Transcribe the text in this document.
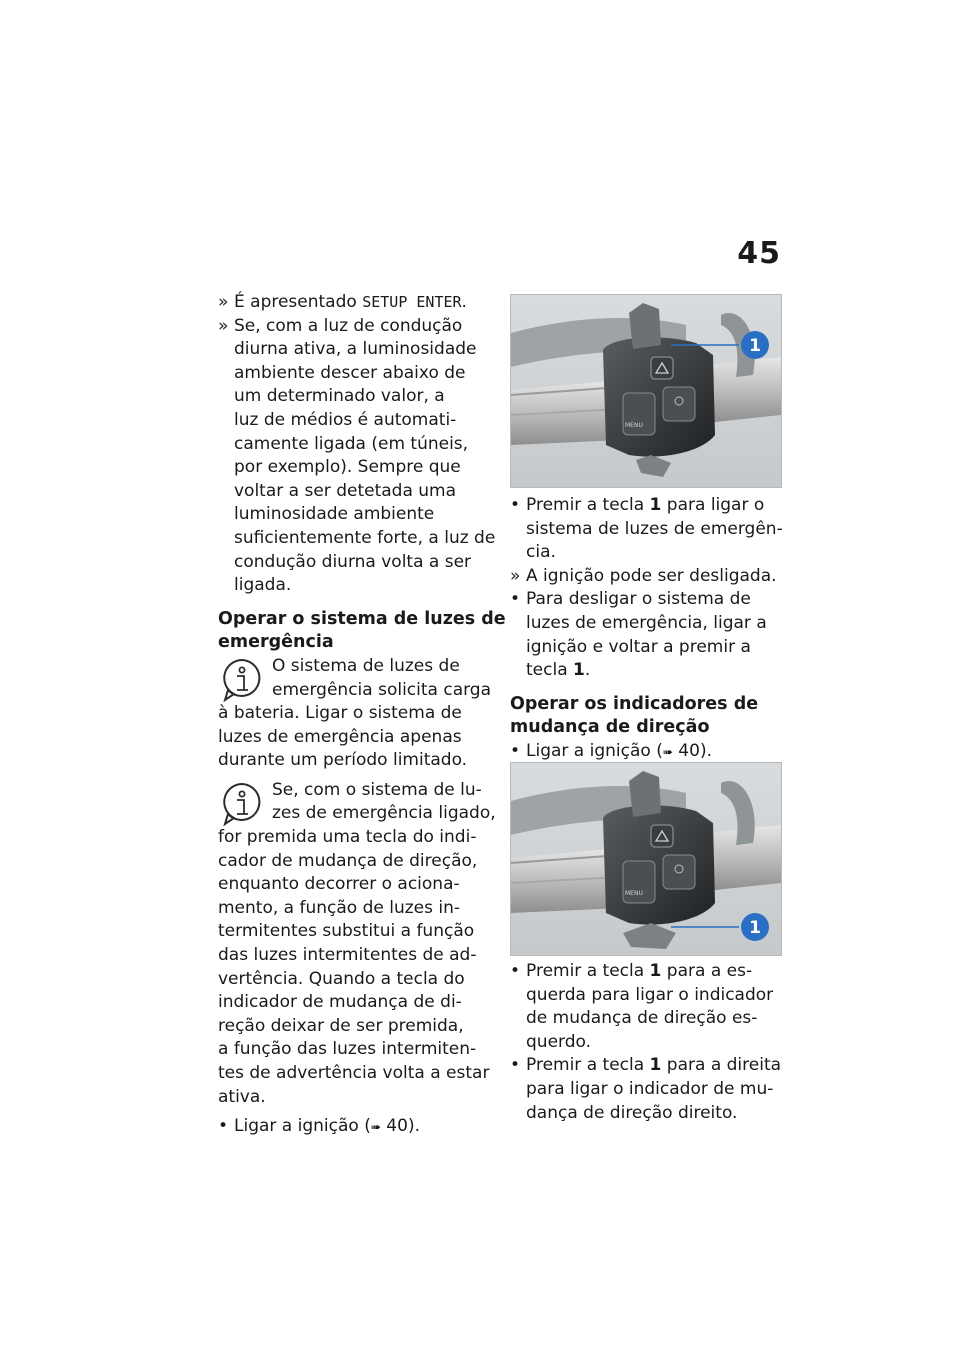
45
» É apresentado SETUP ENTER.
» Se, com a luz de condução
diurna ativa, a luminosidade
ambiente descer abaixo de
um determinado valor, a
luz de médios é automati-
camente ligada (em túneis,
por exemplo). Sempre que
voltar a ser detetada uma
luminosidade ambiente
suficientemente forte, a luz de
condução diurna volta a ser
ligada.
Operar o sistema de luzes de
emergência
O sistema de luzes de
emergência solicita carga
à bateria. Ligar o sistema de
luzes de emergência apenas
durante um período limitado.
Se, com o sistema de lu-
zes de emergência ligado,
for premida uma tecla do indi-
cador de mudança de direção,
enquanto decorrer o aciona-
mento, a função de luzes in-
termitentes substitui a função
das luzes intermitentes de ad-
vertência. Quando a tecla do
indicador de mudança de di-
reção deixar de ser premida,
a função das luzes intermiten-
tes de advertência volta a estar
ativa.
• Ligar a ignição (➠ 40).
MENU
1
• Premir a tecla 1 para ligar o
sistema de luzes de emergên-
cia.
» A ignição pode ser desligada.
• Para desligar o sistema de
luzes de emergência, ligar a
ignição e voltar a premir a
tecla 1.
Operar os indicadores de
mudança de direção
• Ligar a ignição (➠ 40).
MENU
1
• Premir a tecla 1 para a es-
querda para ligar o indicador
de mudança de direção es-
querdo.
• Premir a tecla 1 para a direita
para ligar o indicador de mu-
dança de direção direito.
